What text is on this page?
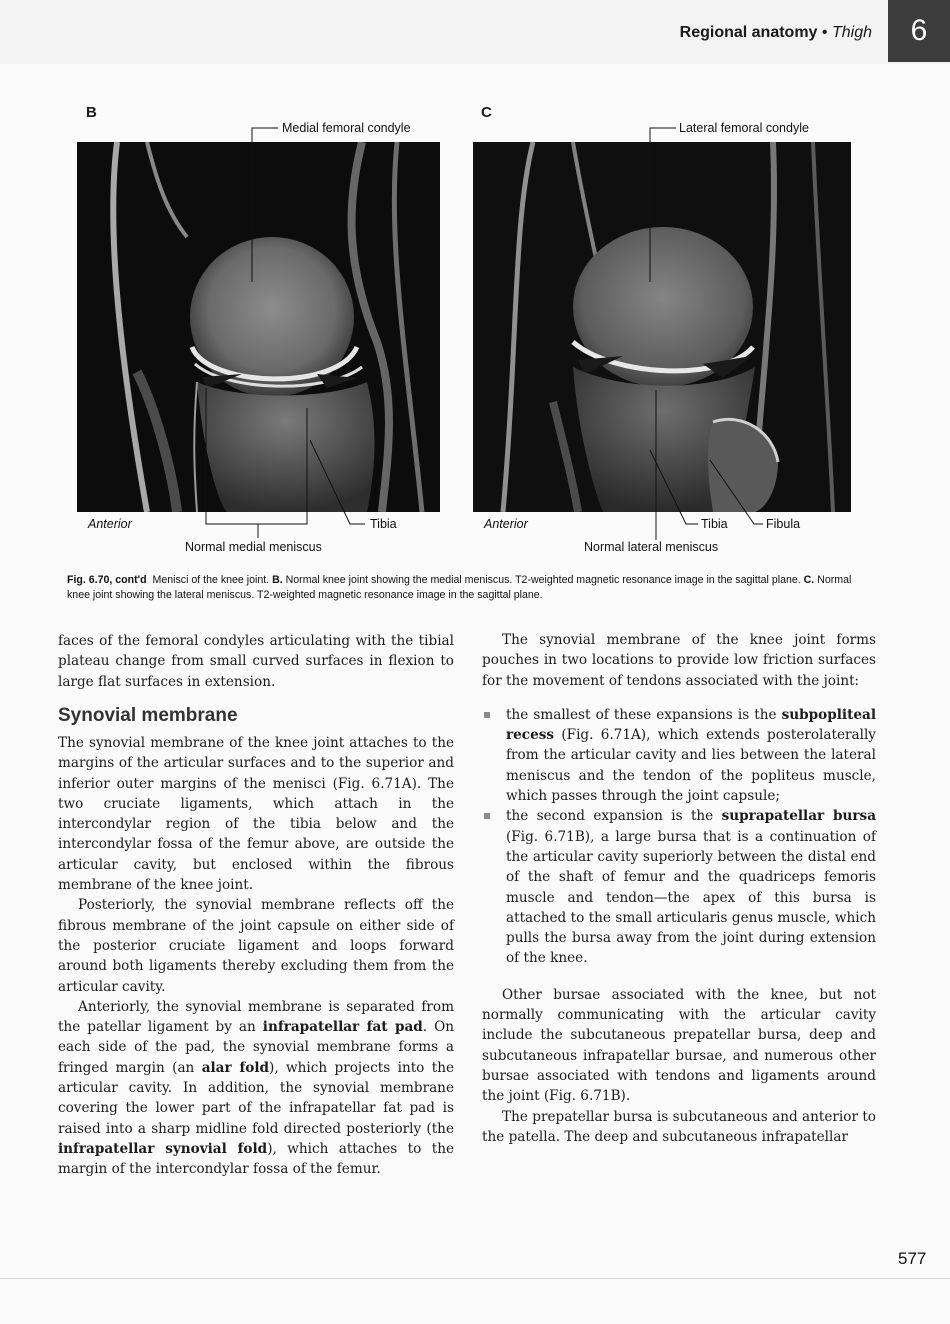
Regional anatomy • Thigh	6
B	C
Medial femoral condyle
Anterior	Tibia
Normal medial meniscus
Lateral femoral condyle
Anterior	Tibia	Fibula
Normal lateral meniscus
Fig. 6.70, cont'd Menisci of the knee joint. B. Normal knee joint showing the medial meniscus. T2-weighted magnetic resonance image in the sagittal plane. C. Normal knee joint showing the lateral meniscus. T2-weighted magnetic resonance image in the sagittal plane.

faces of the femoral condyles articulating with the tibial plateau change from small curved surfaces in flexion to large flat surfaces in extension.

Synovial membrane

The synovial membrane of the knee joint attaches to the margins of the articular surfaces and to the superior and inferior outer margins of the menisci (Fig. 6.71A). The two cruciate ligaments, which attach in the intercondylar region of the tibia below and the intercondylar fossa of the femur above, are outside the articular cavity, but enclosed within the fibrous membrane of the knee joint.

Posteriorly, the synovial membrane reflects off the fibrous membrane of the joint capsule on either side of the posterior cruciate ligament and loops forward around both ligaments thereby excluding them from the articular cavity.

Anteriorly, the synovial membrane is separated from the patellar ligament by an infrapatellar fat pad. On each side of the pad, the synovial membrane forms a fringed margin (an alar fold), which projects into the articular cavity. In addition, the synovial membrane covering the lower part of the infrapatellar fat pad is raised into a sharp midline fold directed posteriorly (the infrapatellar synovial fold), which attaches to the margin of the intercondylar fossa of the femur.

The synovial membrane of the knee joint forms pouches in two locations to provide low friction surfaces for the movement of tendons associated with the joint:

the smallest of these expansions is the subpopliteal recess (Fig. 6.71A), which extends posterolaterally from the articular cavity and lies between the lateral meniscus and the tendon of the popliteus muscle, which passes through the joint capsule;
the second expansion is the suprapatellar bursa (Fig. 6.71B), a large bursa that is a continuation of the articular cavity superiorly between the distal end of the shaft of femur and the quadriceps femoris muscle and tendon—the apex of this bursa is attached to the small articularis genus muscle, which pulls the bursa away from the joint during extension of the knee.

Other bursae associated with the knee, but not normally communicating with the articular cavity include the subcutaneous prepatellar bursa, deep and subcutaneous infrapatellar bursae, and numerous other bursae associated with tendons and ligaments around the joint (Fig. 6.71B).

The prepatellar bursa is subcutaneous and anterior to the patella. The deep and subcutaneous infrapatellar

577
